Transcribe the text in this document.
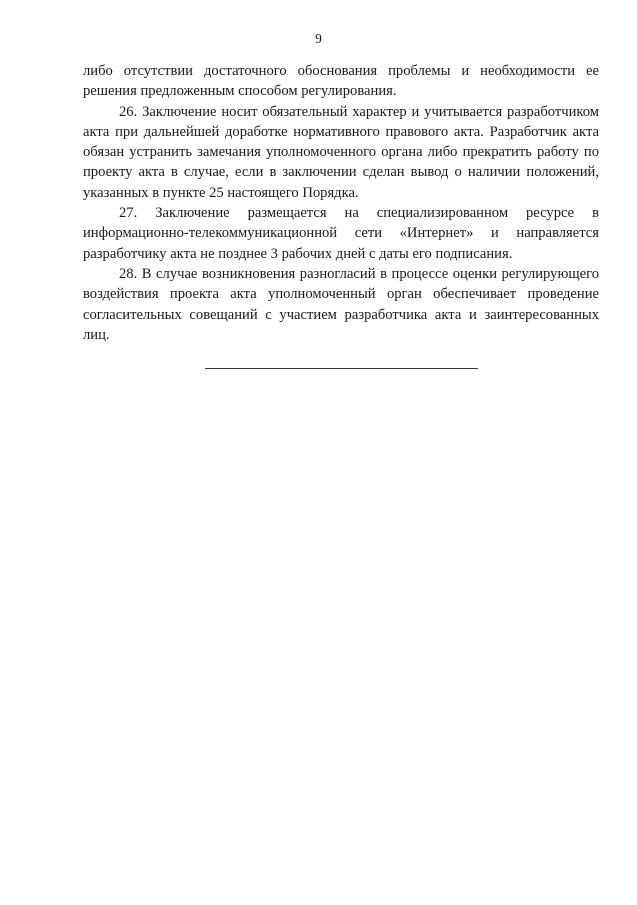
9

либо отсутствии достаточного обоснования проблемы и необходимости ее решения предложенным способом регулирования.

26. Заключение носит обязательный характер и учитывается разработчиком акта при дальнейшей доработке нормативного правового акта. Разработчик акта обязан устранить замечания уполномоченного органа либо прекратить работу по проекту акта в случае, если в заключении сделан вывод о наличии положений, указанных в пункте 25 настоящего Порядка.

27. Заключение размещается на специализированном ресурсе в информационно-телекоммуникационной сети «Интернет» и направляется разработчику акта не позднее 3 рабочих дней с даты его подписания.

28. В случае возникновения разногласий в процессе оценки регулирующего воздействия проекта акта уполномоченный орган обеспечивает проведение согласительных совещаний с участием разработчика акта и заинтересованных лиц.
